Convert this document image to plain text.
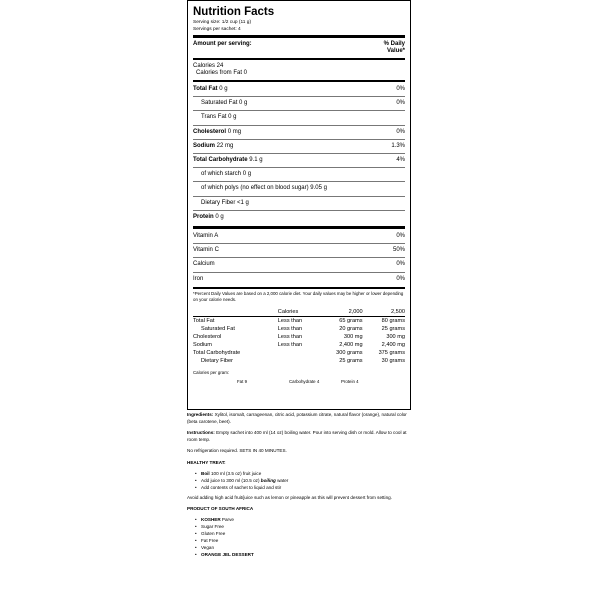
Nutrition Facts
Serving size: 1/2 cup (11 g)
Servings per sachet: 4
Amount per serving:	% Daily
Value*
Calories 24
Calories from Fat 0
Total Fat 0 g	0%
Saturated Fat 0 g	0%
Trans Fat 0 g
Cholesterol 0 mg	0%
Sodium 22 mg	1.3%
Total Carbohydrate 9.1 g	4%
of which starch 0 g
of which polys (no effect on blood sugar) 9.05 g
Dietary Fiber <1 g
Protein 0 g
Vitamin A	0%
Vitamin C	50%
Calcium	0%
Iron	0%
*Percent Daily Values are based on a 2,000 calorie diet. Your daily values may be higher or lower depending on your calorie needs.
	Calories	2,000	2,500
Total Fat	Less than	65 grams	80 grams
Saturated Fat	Less than	20 grams	25 grams
Cholesterol	Less than	300 mg	300 mg
Sodium	Less than	2,400 mg	2,400 mg
Total Carbohydrate		300 grams	375 grams
Dietary Fiber		25 grams	30 grams
Calories per gram:
Fat 9	Carbohydrate 4	Protein 4

Ingredients: Xylitol, isomalt, carrageenan, citric acid, potassium citrate, natural flavor (orange), natural color (beta carotene, beet).

Instructions: Empty sachet into 400 ml (14 oz) boiling water. Pour into serving dish or mold. Allow to cool at room temp.

No refrigeration required. SETS IN 40 MINUTES.

HEALTHY TREAT:
• Boil 100 ml (3.5 oz) fruit juice
• Add juice to 300 ml (10.5 oz) boiling water
• Add contents of sachet to liquid and stir

Avoid adding high acid fruit/juice such as lemon or pineapple as this will prevent dessert from setting.

PRODUCT OF SOUTH AFRICA
• KOSHER Parve
• Sugar Free
• Gluten Free
• Fat Free
• Vegan
• ORANGE JEL DESSERT
